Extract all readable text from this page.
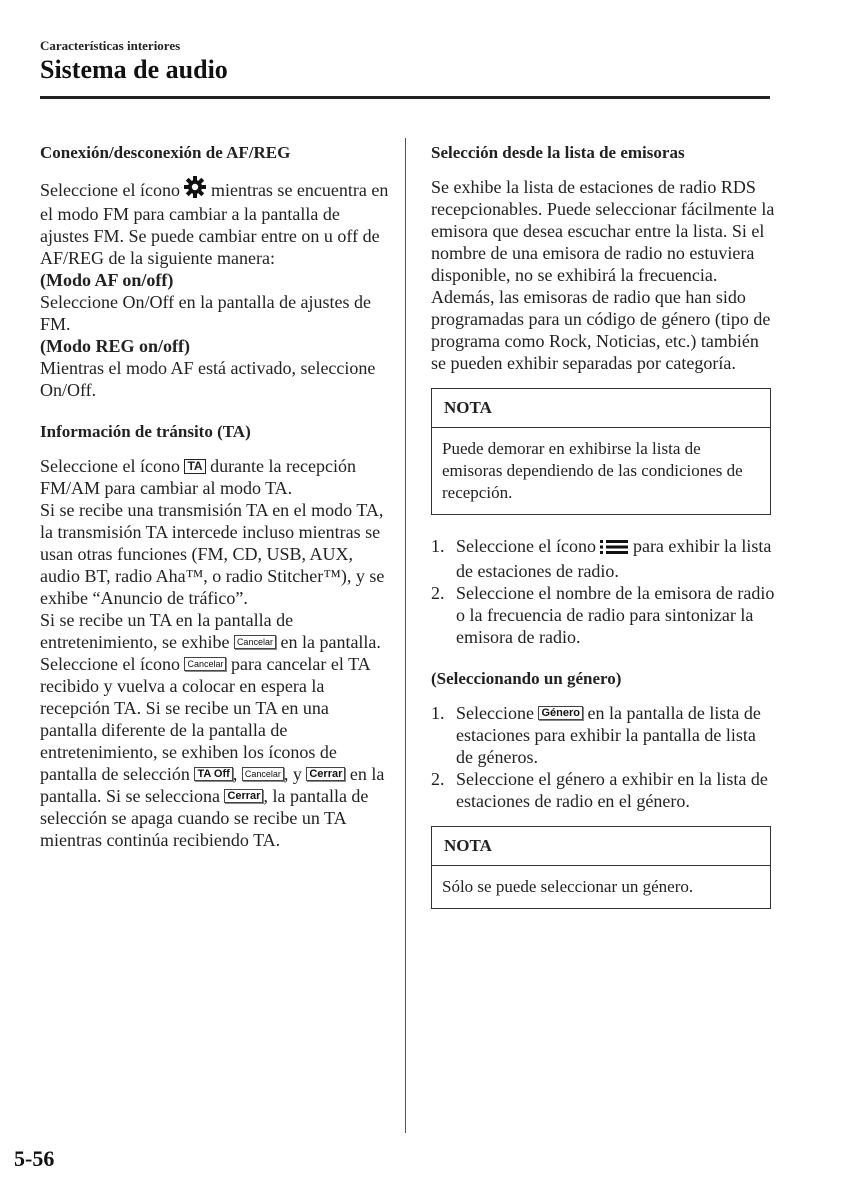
Características interiores
Sistema de audio
Conexión/desconexión de AF/REG

Seleccione el ícono mientras se encuentra en el modo FM para cambiar a la pantalla de ajustes FM. Se puede cambiar entre on u off de AF/REG de la siguiente manera:

(Modo AF on/off)

Seleccione On/Off en la pantalla de ajustes de FM.

(Modo REG on/off)

Mientras el modo AF está activado, seleccione On/Off.

Información de tránsito (TA)

Seleccione el ícono TA durante la recepción FM/AM para cambiar al modo TA.

Si se recibe una transmisión TA en el modo TA, la transmisión TA intercede incluso mientras se usan otras funciones (FM, CD, USB, AUX, audio BT, radio Aha™, o radio Stitcher™), y se exhibe “Anuncio de tráfico”.

Si se recibe un TA en la pantalla de entretenimiento, se exhibe Cancelar en la pantalla. Seleccione el ícono Cancelar para cancelar el TA recibido y vuelva a colocar en espera la recepción TA. Si se recibe un TA en una pantalla diferente de la pantalla de entretenimiento, se exhiben los íconos de pantalla de selección TA Off , Cancelar , y Cerrar en la pantalla. Si se selecciona Cerrar , la pantalla de selección se apaga cuando se recibe un TA mientras continúa recibiendo TA.

Selección desde la lista de emisoras

Se exhibe la lista de estaciones de radio RDS recepcionables. Puede seleccionar fácilmente la emisora que desea escuchar entre la lista. Si el nombre de una emisora de radio no estuviera disponible, no se exhibirá la frecuencia. Además, las emisoras de radio que han sido programadas para un código de género (tipo de programa como Rock, Noticias, etc.) también se pueden exhibir separadas por categoría.

NOTA
Puede demorar en exhibirse la lista de emisoras dependiendo de las condiciones de recepción.
1. Seleccione el ícono para exhibir la lista de estaciones de radio.
2. Seleccione el nombre de la emisora de radio o la frecuencia de radio para sintonizar la emisora de radio.
(Seleccionando un género)
1. Seleccione Género en la pantalla de lista de estaciones para exhibir la pantalla de lista de géneros.
2. Seleccione el género a exhibir en la lista de estaciones de radio en el género.
NOTA
Sólo se puede seleccionar un género.
5-56
